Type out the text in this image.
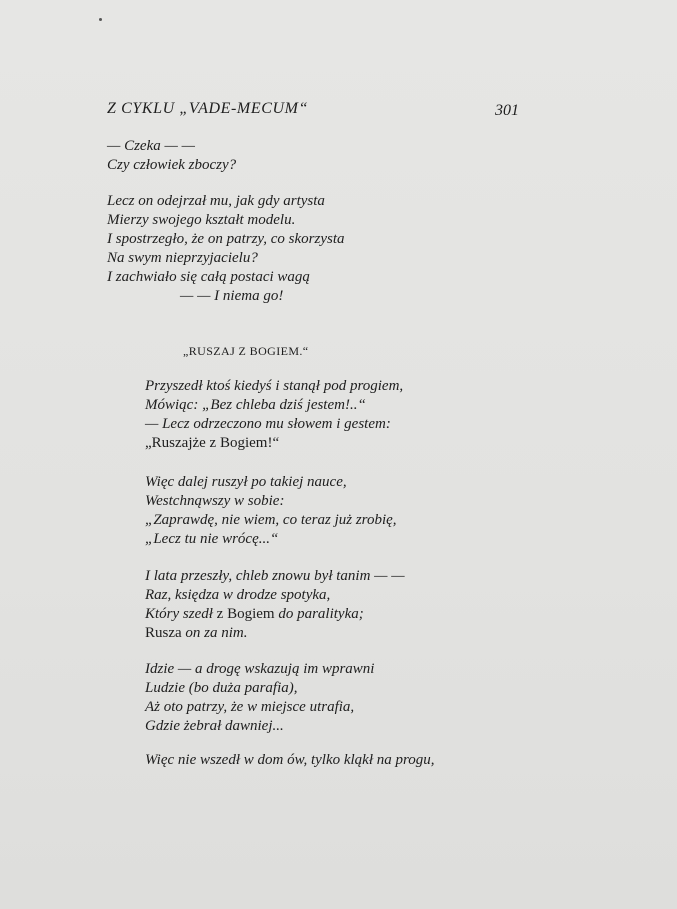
Z CYKLU „VADE-MECUM“	301
— Czeka — —
Czy człowiek zboczy?
Lecz on odejrzał mu, jak gdy artysta
Mierzy swojego kształt modelu.
I spostrzegło, że on patrzy, co skorzysta
Na swym nieprzyjacielu?
I zachwiało się całą postaci wagą
— — I niema go!
„RUSZAJ Z BOGIEM.“
Przyszedł ktoś kiedyś i stanął pod progiem,
Mówiąc: „Bez chleba dziś jestem!..“
— Lecz odrzeczono mu słowem i gestem:
„Ruszajże z Bogiem!“
Więc dalej ruszył po takiej nauce,
Westchnąwszy w sobie:
„Zaprawdę, nie wiem, co teraz już zrobię,
„Lecz tu nie wrócę...“
I lata przeszły, chleb znowu był tanim — —
Raz, księdza w drodze spotyka,
Który szedł z Bogiem do paralityka;
Rusza on za nim.
Idzie — a drogę wskazują im wprawni
Ludzie (bo duża parafia),
Aż oto patrzy, że w miejsce utrafia,
Gdzie żebrał dawniej...
Więc nie wszedł w dom ów, tylko kląkł na progu,
